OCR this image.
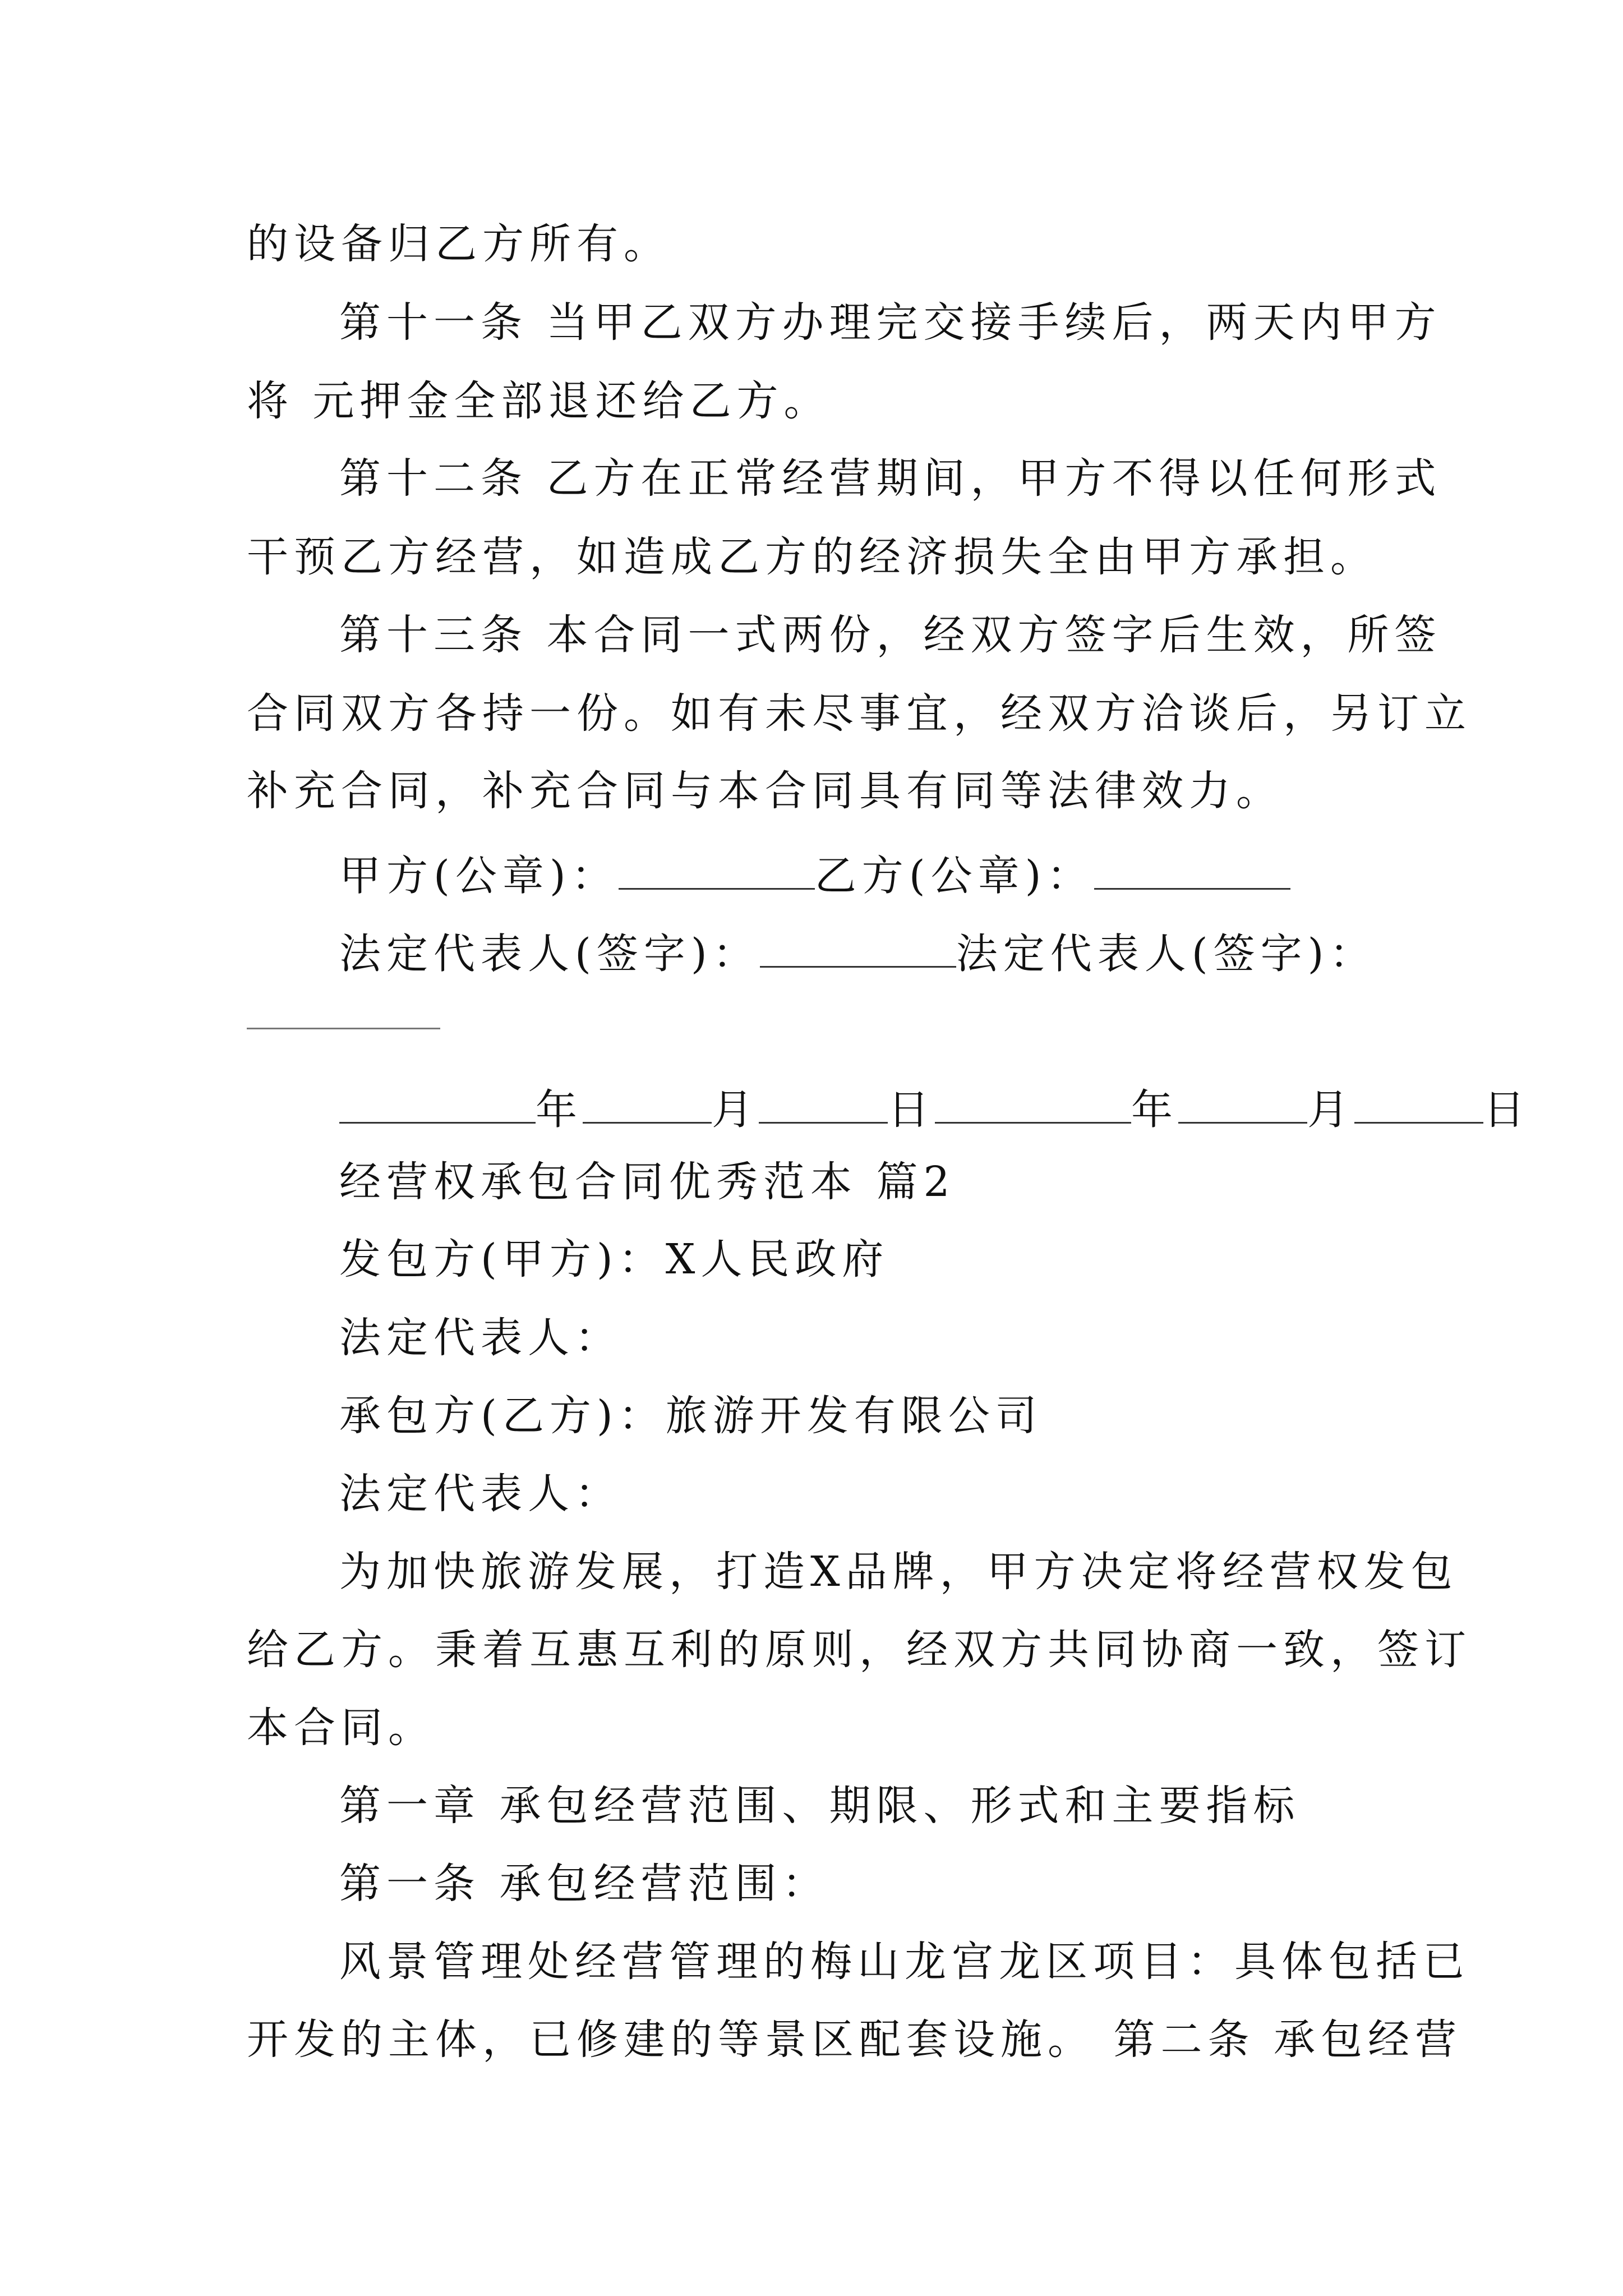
的设备归乙方所有。
第十一条 当甲乙双方办理完交接手续后，两天内甲方
将 元押金全部退还给乙方。
第十二条 乙方在正常经营期间，甲方不得以任何形式
干预乙方经营，如造成乙方的经济损失全由甲方承担。
第十三条 本合同一式两份，经双方签字后生效，所签
合同双方各持一份。如有未尽事宜，经双方洽谈后，另订立
补充合同，补充合同与本合同具有同等法律效力。
甲方(公章)：	乙方(公章)：
法定代表人(签字)：	法定代表人(签字)：
年	月	日	年	月	日
经营权承包合同优秀范本 篇2
发包方(甲方)：X人民政府
法定代表人：
承包方(乙方)：旅游开发有限公司
法定代表人：
为加快旅游发展，打造X品牌，甲方决定将经营权发包
给乙方。秉着互惠互利的原则，经双方共同协商一致，签订
本合同。
第一章 承包经营范围、期限、形式和主要指标
第一条 承包经营范围：
风景管理处经营管理的梅山龙宫龙区项目：具体包括已
开发的主体，已修建的等景区配套设施。 第二条 承包经营
